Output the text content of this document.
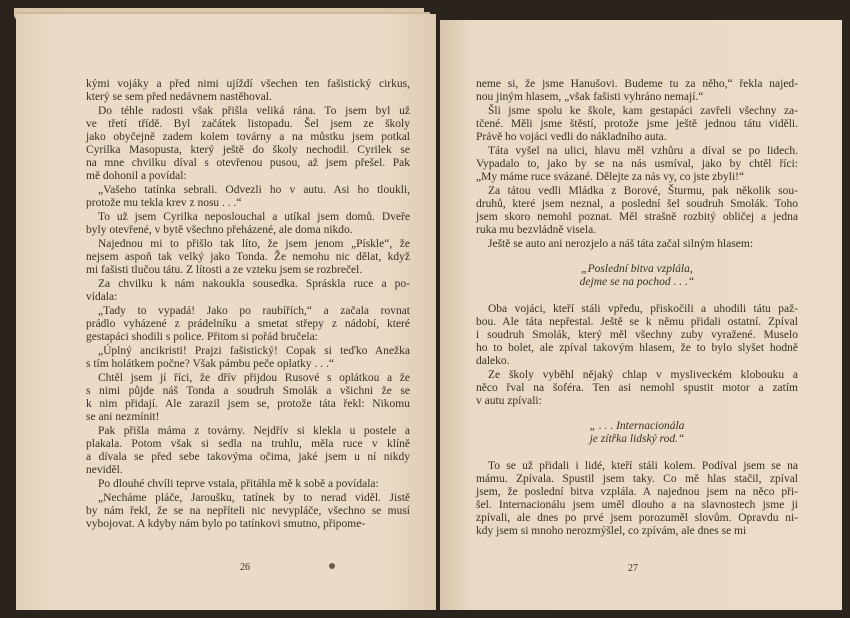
kými vojáky a před nimi ujíždí všechen ten fašistický cirkus,
který se sem před nedávnem nastěhoval.
Do téhle radosti však přišla veliká rána. To jsem byl už
ve třetí třídě. Byl začátek listopadu. Šel jsem ze školy
jako obyčejně zadem kolem továrny a na můstku jsem potkal
Cyrilka Masopusta, který ještě do školy nechodil. Cyrilek se
na mne chvilku díval s otevřenou pusou, až jsem přešel. Pak
mě dohonil a povídal:
„Vašeho tatínka sebrali. Odvezli ho v autu. Asi ho tloukli,
protože mu tekla krev z nosu . . .“
To už jsem Cyrilka neposlouchal a utíkal jsem domů. Dveře
byly otevřené, v bytě všechno přeházené, ale doma nikdo.
Najednou mi to přišlo tak líto, že jsem jenom „Pískle“, že
nejsem aspoň tak velký jako Tonda. Že nemohu nic dělat, když
mi fašisti tlučou tátu. Z lítosti a ze vzteku jsem se rozbrečel.
Za chvilku k nám nakoukla sousedka. Spráskla ruce a po-
vídala:
„Tady to vypadá! Jako po raubířích,“ a začala rovnat
prádlo vyházené z prádelníku a smetat střepy z nádobí, které
gestapáci shodili s police. Přitom si pořád bručela:
„Úplný ancikristi! Prajzi fašistický! Copak si teďko Anežka
s tím holátkem počne? Však pámbu peče oplatky . . .“
Chtěl jsem jí říci, že dřív přijdou Rusové s oplátkou a že
s nimi půjde náš Tonda a soudruh Smolák a všichni že se
k nim přidají. Ale zarazil jsem se, protože táta řekl: Nikomu
se ani nezmínit!
Pak přišla máma z továrny. Nejdřív si klekla u postele a
plakala. Potom však si sedla na truhlu, měla ruce v klíně
a dívala se před sebe takovýma očima, jaké jsem u ní nikdy
neviděl.
Po dlouhé chvíli teprve vstala, přitáhla mě k sobě a povídala:
„Necháme pláče, Jaroušku, tatínek by to nerad viděl. Jistě
by nám řekl, že se na nepříteli nic nevypláče, všechno se musí
vybojovat. A kdyby nám bylo po tatínkovi smutno, připome-
26
neme si, že jsme Hanušovi. Budeme tu za něho,“ řekla najed-
nou jiným hlasem, „však fašisti vyhráno nemají.“
Šli jsme spolu ke škole, kam gestapáci zavřeli všechny za-
tčené. Měli jsme štěstí, protože jsme ještě jednou tátu viděli.
Právě ho vojáci vedli do nákladního auta.
Táta vyšel na ulici, hlavu měl vzhůru a díval se po lidech.
Vypadalo to, jako by se na nás usmíval, jako by chtěl říci:
„My máme ruce svázané. Dělejte za nás vy, co jste zbyli!“
Za tátou vedli Mládka z Borové, Šturmu, pak několik sou-
druhů, které jsem neznal, a poslední šel soudruh Smolák. Toho
jsem skoro nemohl poznat. Měl strašně rozbitý obličej a jedna
ruka mu bezvládně visela.
Ještě se auto ani nerozjelo a náš táta začal silným hlasem:
„Poslední bitva vzplála,
dejme se na pochod . . .“
Oba vojáci, kteří stáli vpředu, přiskočili a uhodili tátu paž-
bou. Ale táta nepřestal. Ještě se k němu přidali ostatní. Zpíval
i soudruh Smolák, který měl všechny zuby vyražené. Muselo
ho to bolet, ale zpíval takovým hlasem, že to bylo slyšet hodně
daleko.
Ze školy vyběhl nějaký chlap v mysliveckém klobouku a
něco řval na šoféra. Ten asi nemohl spustit motor a zatím
v autu zpívali:
„ . . . Internacionála
je zítřka lidský rod.“
To se už přidali i lidé, kteří stáli kolem. Podíval jsem se na
mámu. Zpívala. Spustil jsem taky. Co mě hlas stačil, zpíval
jsem, že poslední bitva vzplála. A najednou jsem na něco při-
šel. Internacionálu jsem uměl dlouho a na slavnostech jsme ji
zpívali, ale dnes po prvé jsem porozuměl slovům. Opravdu ni-
kdy jsem si mnoho nerozmýšlel, co zpívám, ale dnes se mi
27
